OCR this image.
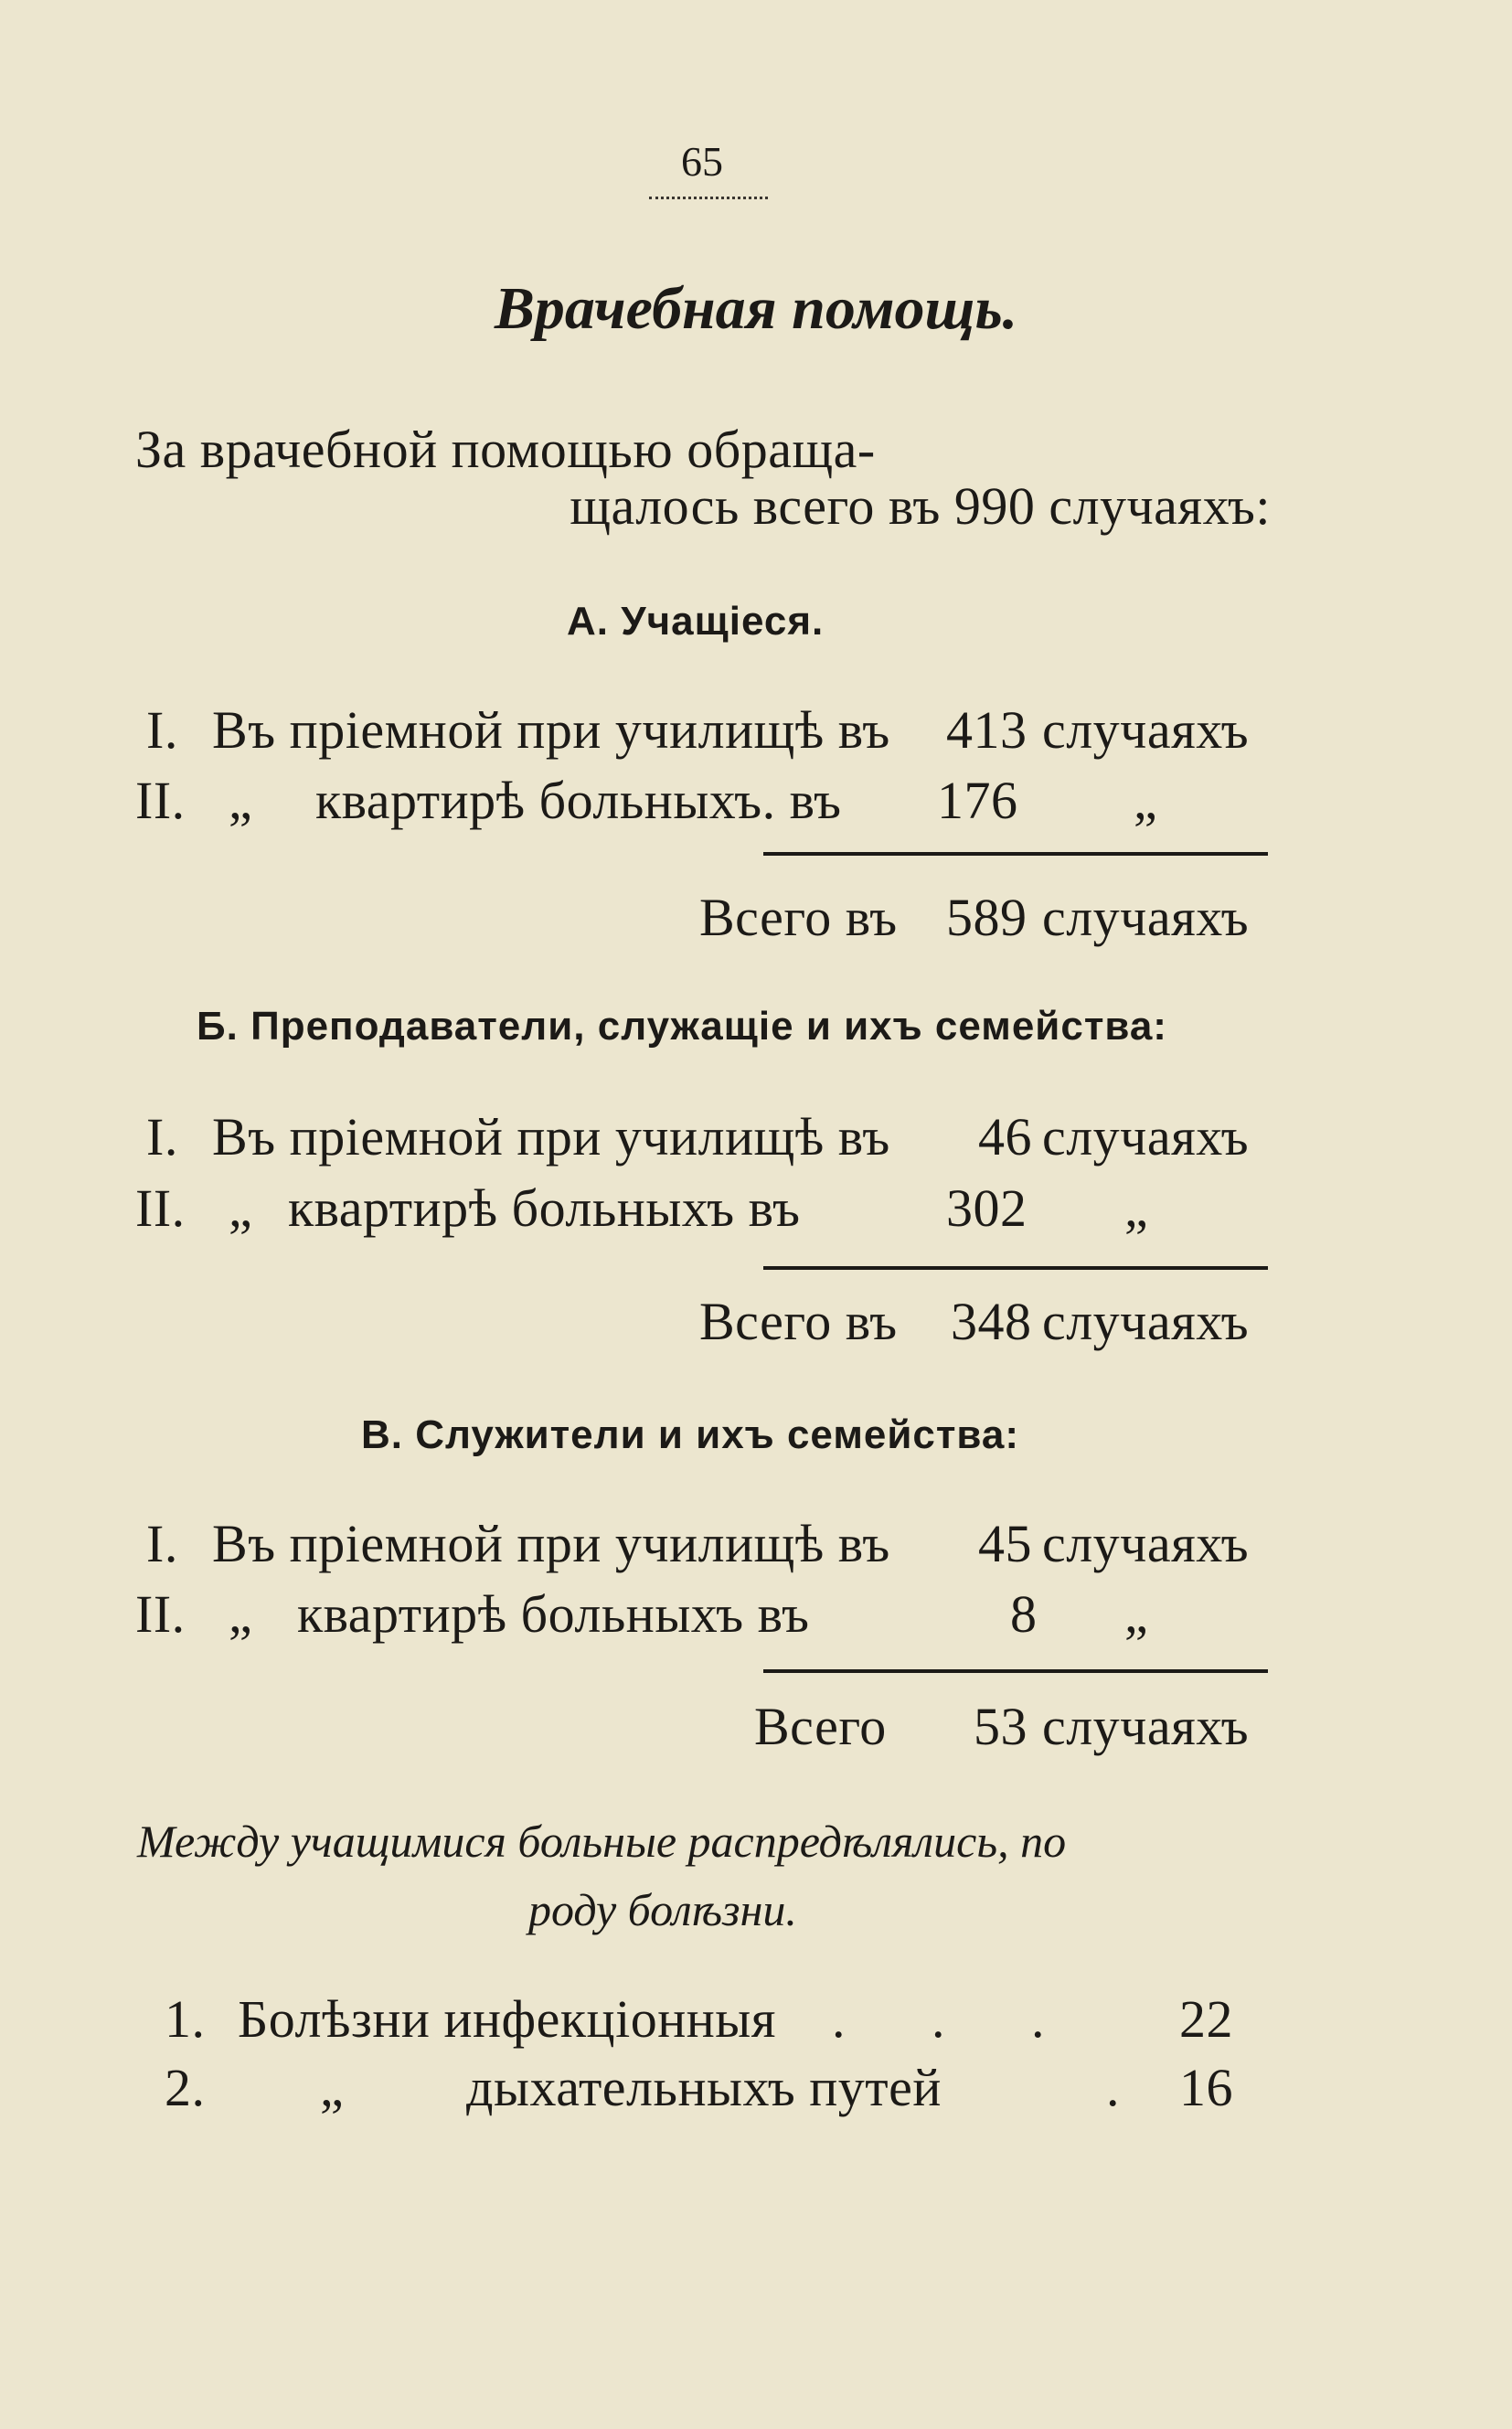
65
Врачебная помощь.
За врачебной помощью обраща-
щалось всего въ 990 случаяхъ:
А. Учащіеся.
I. Въ пріемной при училищѣ въ 413 случаяхъ
II. „ квартирѣ больныхъ. въ 176 „
Всего въ 589 случаяхъ
Б. Преподаватели, служащіе и ихъ семейства:
I. Въ пріемной при училищѣ въ 46 случаяхъ
II. „ квартирѣ больныхъ въ	302 „
Всего въ 348 случаяхъ
В. Служители и ихъ семейства:
I. Въ пріемной при училищѣ въ 45 случаяхъ
II. „ квартирѣ больныхъ въ	8 „
Всего 53 случаяхъ
Между учащимися больные распредѣлялись, по
роду болѣзни.
1. Болѣзни инфекціонныя . . . 22
2. „ дыхательныхъ путей	. 16
